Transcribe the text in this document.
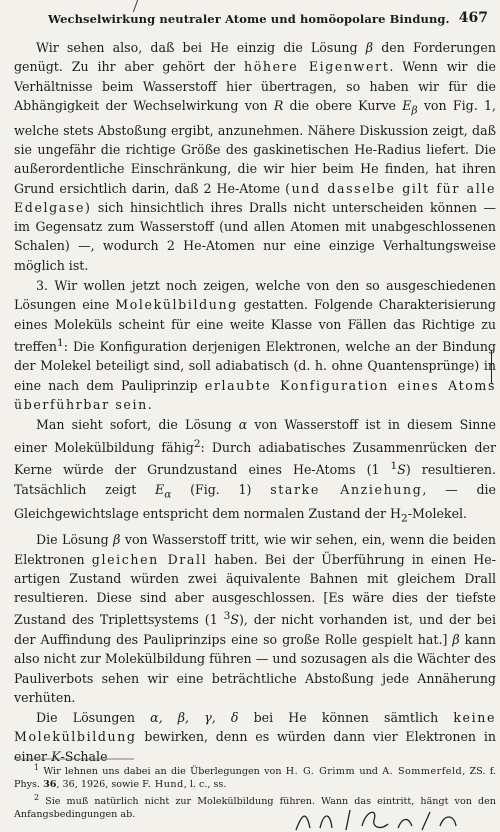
Wechselwirkung neutraler Atome und homöopolare Bindung. 467

Wir sehen also, daß bei He einzig die Lösung β den Forderungen genügt. Zu ihr aber gehört der höhere Eigenwert. Wenn wir die Verhältnisse beim Wasserstoff hier übertragen, so haben wir für die Abhängigkeit der Wechselwirkung von R die obere Kurve $E_\beta$ von Fig. 1, welche stets Abstoßung ergibt, anzunehmen. Nähere Diskussion zeigt, daß sie ungefähr die richtige Größe des gaskinetischen He-Radius liefert. Die außerordentliche Einschränkung, die wir hier beim He finden, hat ihren Grund ersichtlich darin, daß 2 He-Atome (und dasselbe gilt für alle Edelgase) sich hinsichtlich ihres Dralls nicht unterscheiden können — im Gegensatz zum Wasserstoff (und allen Atomen mit unabgeschlossenen Schalen) —, wodurch 2 He-Atomen nur eine einzige Verhaltungsweise möglich ist.

3. Wir wollen jetzt noch zeigen, welche von den so ausgeschiedenen Lösungen eine Molekülbildung gestatten. Folgende Charakterisierung eines Moleküls scheint für eine weite Klasse von Fällen das Richtige zu treffen$^1$: Die Konfiguration derjenigen Elektronen, welche an der Bindung der Molekel beteiligt sind, soll adiabatisch (d. h. ohne Quantensprünge) in eine nach dem Pauliprinzip erlaubte Konfiguration eines Atoms überführbar sein.

Man sieht sofort, die Lösung α von Wasserstoff ist in diesem Sinne einer Molekülbildung fähig$^2$: Durch adiabatisches Zusammenrücken der Kerne würde der Grundzustand eines He-Atoms (1 $^1$S) resultieren. Tatsächlich zeigt $E_\alpha$ (Fig. 1) starke Anziehung, — die Gleichgewichtslage entspricht dem normalen Zustand der $H_2$-Molekel.

Die Lösung β von Wasserstoff tritt, wie wir sehen, ein, wenn die beiden Elektronen gleichen Drall haben. Bei der Überführung in einen He-artigen Zustand würden zwei äquivalente Bahnen mit gleichem Drall resultieren. Diese sind aber ausgeschlossen. [Es wäre dies der tiefste Zustand des Triplettsystems (1 $^3$S), der nicht vorhanden ist, und der bei der Auffindung des Pauliprinzips eine so große Rolle gespielt hat.] β kann also nicht zur Molekülbildung führen — und sozusagen als die Wächter des Pauliverbots sehen wir eine beträchtliche Abstoßung jede Annäherung verhüten.

Die Lösungen α, β, γ, δ bei He können sämtlich keine Molekülbildung bewirken, denn es würden dann vier Elektronen in einer K-Schale

$^1$ Wir lehnen uns dabei an die Überlegungen von H. G. Grimm und A. Sommerfeld, ZS. f. Phys. 36, 36, 1926, sowie F. Hund, l. c., ss.

$^2$ Sie muß natürlich nicht zur Molekülbildung führen. Wann das eintritt, hängt von den Anfangsbedingungen ab.
